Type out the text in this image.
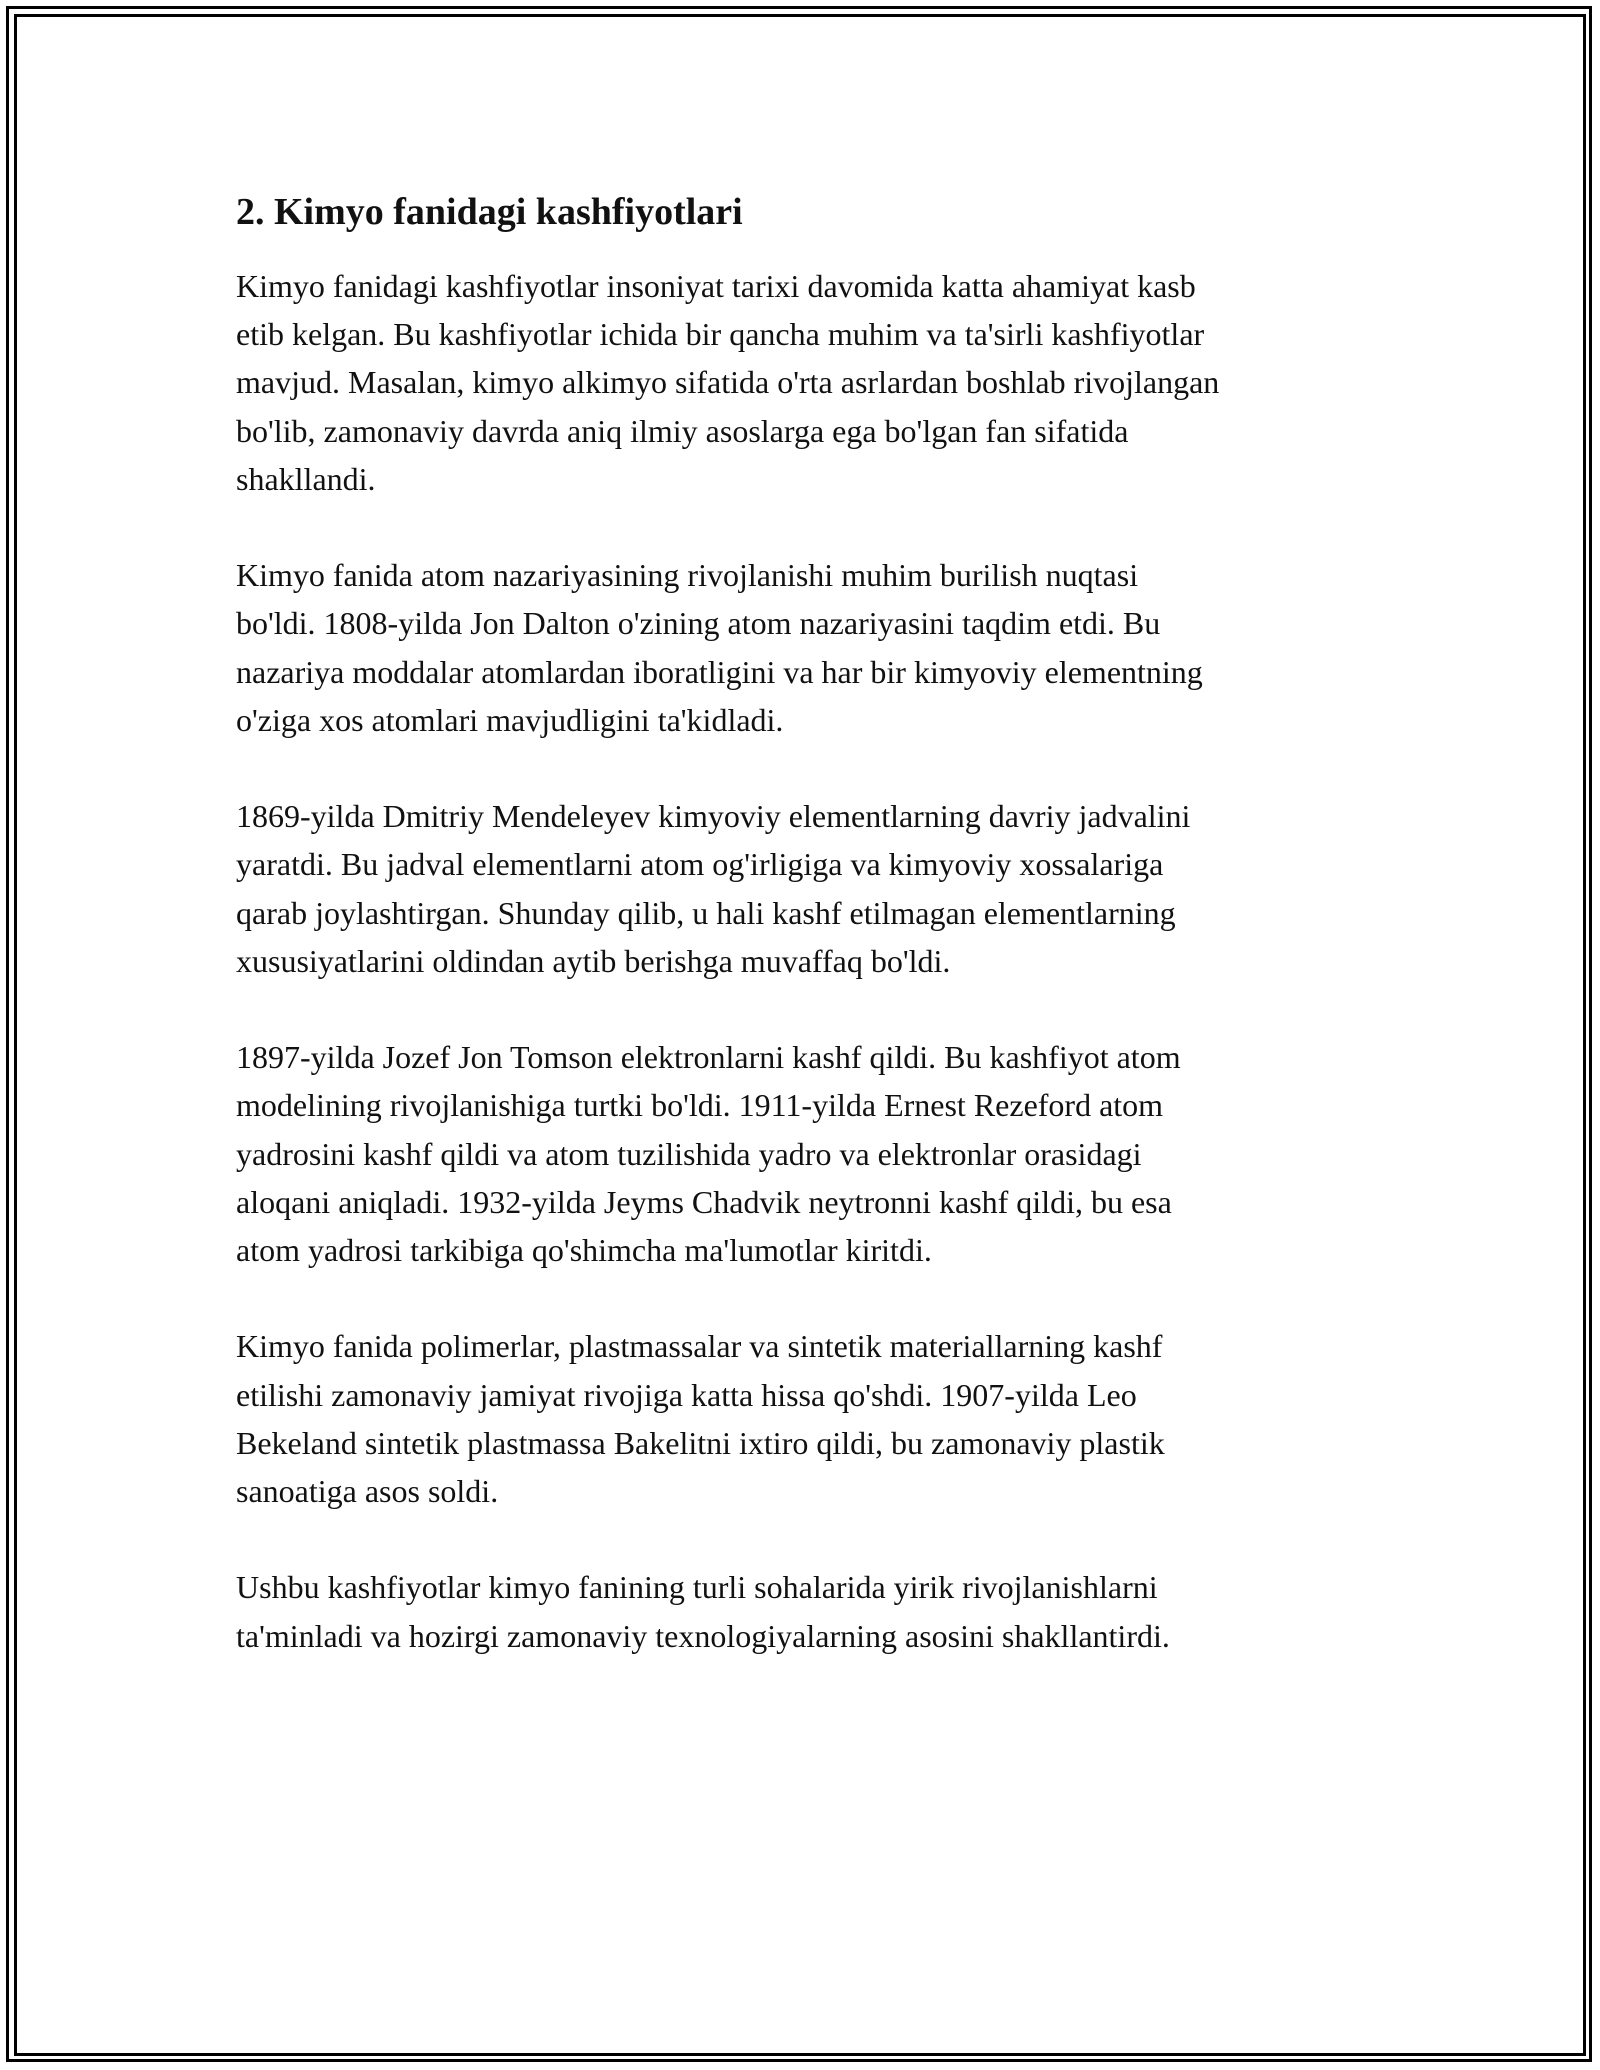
2. Kimyo fanidagi kashfiyotlari

Kimyo fanidagi kashfiyotlar insoniyat tarixi davomida katta ahamiyat kasb
etib kelgan. Bu kashfiyotlar ichida bir qancha muhim va ta'sirli kashfiyotlar
mavjud. Masalan, kimyo alkimyo sifatida o'rta asrlardan boshlab rivojlangan
bo'lib, zamonaviy davrda aniq ilmiy asoslarga ega bo'lgan fan sifatida
shakllandi.

Kimyo fanida atom nazariyasining rivojlanishi muhim burilish nuqtasi
bo'ldi. 1808-yilda Jon Dalton o'zining atom nazariyasini taqdim etdi. Bu
nazariya moddalar atomlardan iboratligini va har bir kimyoviy elementning
o'ziga xos atomlari mavjudligini ta'kidladi.

1869-yilda Dmitriy Mendeleyev kimyoviy elementlarning davriy jadvalini
yaratdi. Bu jadval elementlarni atom og'irligiga va kimyoviy xossalariga
qarab joylashtirgan. Shunday qilib, u hali kashf etilmagan elementlarning
xususiyatlarini oldindan aytib berishga muvaffaq bo'ldi.

1897-yilda Jozef Jon Tomson elektronlarni kashf qildi. Bu kashfiyot atom
modelining rivojlanishiga turtki bo'ldi. 1911-yilda Ernest Rezeford atom
yadrosini kashf qildi va atom tuzilishida yadro va elektronlar orasidagi
aloqani aniqladi. 1932-yilda Jeyms Chadvik neytronni kashf qildi, bu esa
atom yadrosi tarkibiga qo'shimcha ma'lumotlar kiritdi.

Kimyo fanida polimerlar, plastmassalar va sintetik materiallarning kashf
etilishi zamonaviy jamiyat rivojiga katta hissa qo'shdi. 1907-yilda Leo
Bekeland sintetik plastmassa Bakelitni ixtiro qildi, bu zamonaviy plastik
sanoatiga asos soldi.

Ushbu kashfiyotlar kimyo fanining turli sohalarida yirik rivojlanishlarni
ta'minladi va hozirgi zamonaviy texnologiyalarning asosini shakllantirdi.
